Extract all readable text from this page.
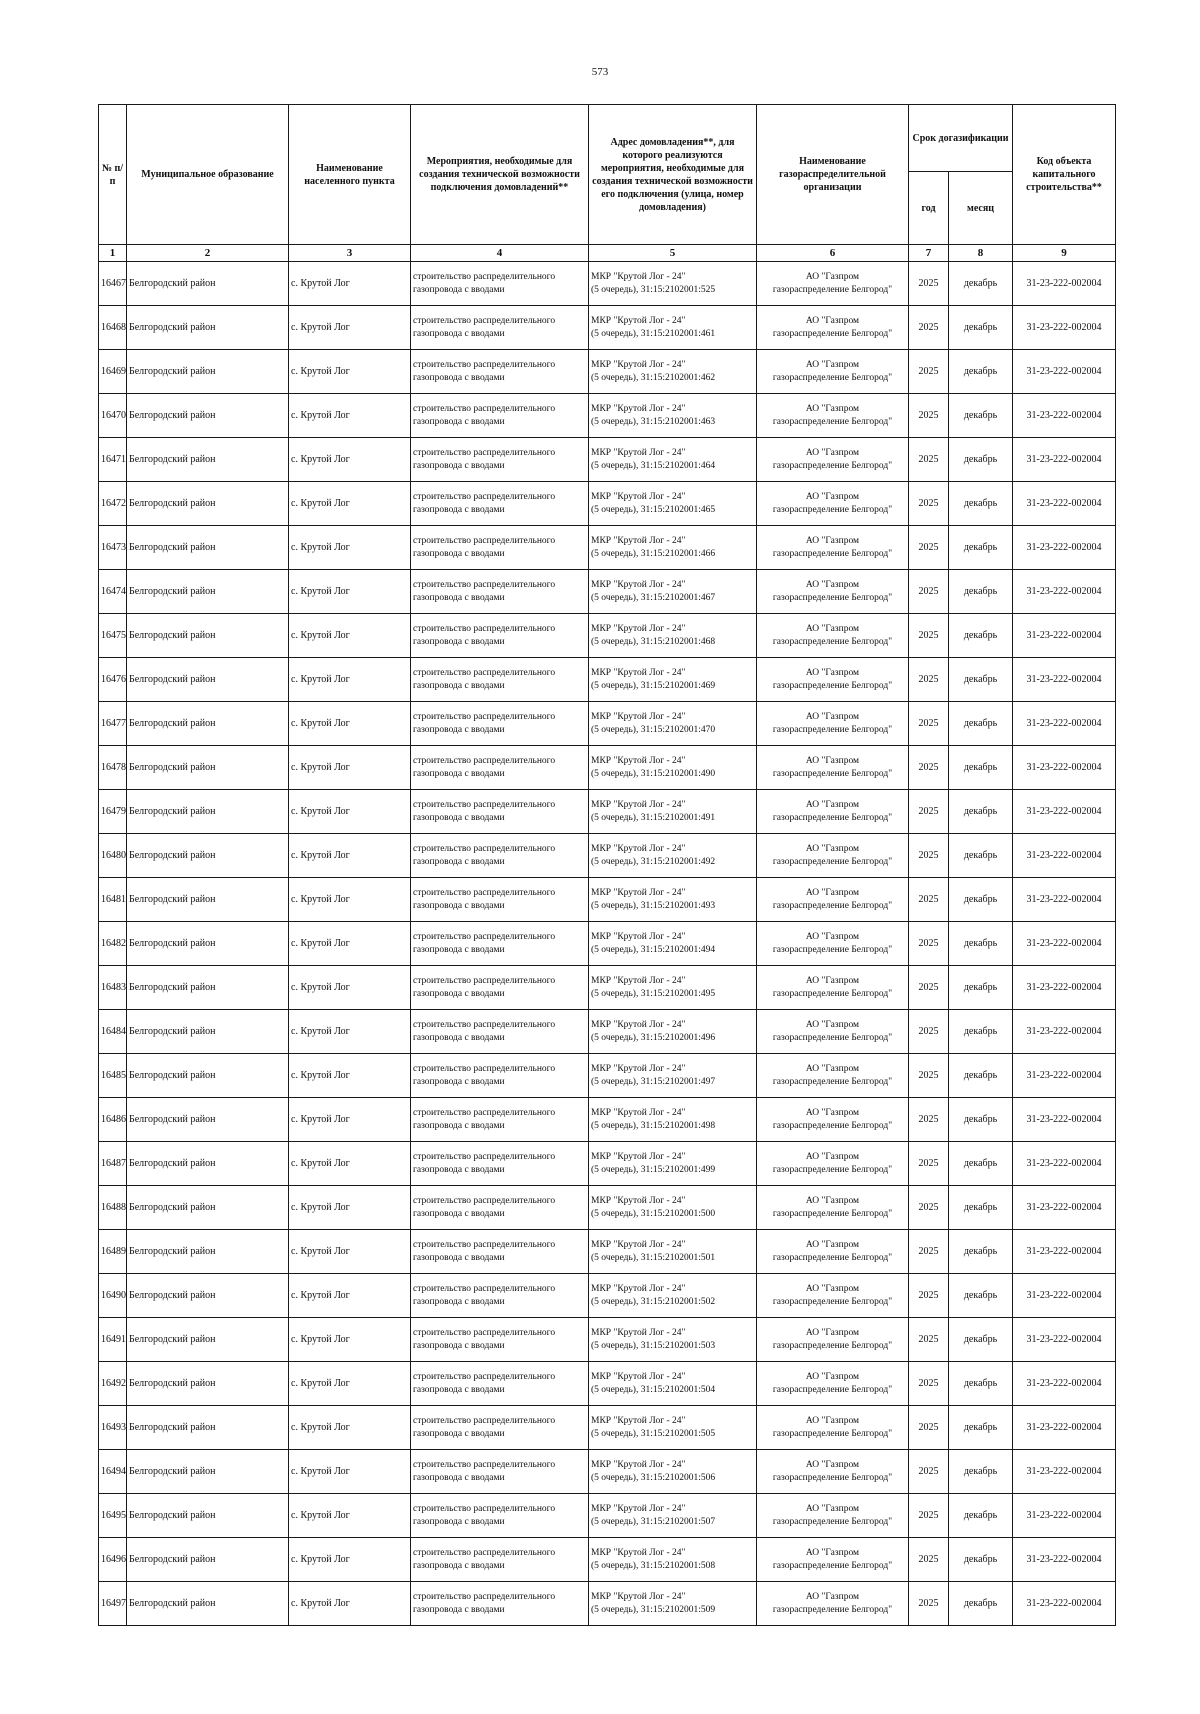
573
№ п/п	Муниципальное образование	Наименование населенного пункта	Мероприятия, необходимые для создания технической возможности подключения домовладений**	Адрес домовладения**, для которого реализуются мероприятия, необходимые для создания технической возможности его подключения (улица, номер домовладения)	Наименование газораспределительной организации	Срок догазификации		Код объекта капитального строительства**
						год	месяц	
1	2	3	4	5	6	7	8	9
16467	Белгородский район	с. Крутой Лог	строительство распределительного
газопровода с вводами	МКР "Крутой Лог - 24"
(5 очередь), 31:15:2102001:525	АО "Газпром
газораспределение Белгород"	2025	декабрь	31-23-222-002004
16468	Белгородский район	с. Крутой Лог	строительство распределительного
газопровода с вводами	МКР "Крутой Лог - 24"
(5 очередь), 31:15:2102001:461	АО "Газпром
газораспределение Белгород"	2025	декабрь	31-23-222-002004
16469	Белгородский район	с. Крутой Лог	строительство распределительного
газопровода с вводами	МКР "Крутой Лог - 24"
(5 очередь), 31:15:2102001:462	АО "Газпром
газораспределение Белгород"	2025	декабрь	31-23-222-002004
16470	Белгородский район	с. Крутой Лог	строительство распределительного
газопровода с вводами	МКР "Крутой Лог - 24"
(5 очередь), 31:15:2102001:463	АО "Газпром
газораспределение Белгород"	2025	декабрь	31-23-222-002004
16471	Белгородский район	с. Крутой Лог	строительство распределительного
газопровода с вводами	МКР "Крутой Лог - 24"
(5 очередь), 31:15:2102001:464	АО "Газпром
газораспределение Белгород"	2025	декабрь	31-23-222-002004
16472	Белгородский район	с. Крутой Лог	строительство распределительного
газопровода с вводами	МКР "Крутой Лог - 24"
(5 очередь), 31:15:2102001:465	АО "Газпром
газораспределение Белгород"	2025	декабрь	31-23-222-002004
16473	Белгородский район	с. Крутой Лог	строительство распределительного
газопровода с вводами	МКР "Крутой Лог - 24"
(5 очередь), 31:15:2102001:466	АО "Газпром
газораспределение Белгород"	2025	декабрь	31-23-222-002004
16474	Белгородский район	с. Крутой Лог	строительство распределительного
газопровода с вводами	МКР "Крутой Лог - 24"
(5 очередь), 31:15:2102001:467	АО "Газпром
газораспределение Белгород"	2025	декабрь	31-23-222-002004
16475	Белгородский район	с. Крутой Лог	строительство распределительного
газопровода с вводами	МКР "Крутой Лог - 24"
(5 очередь), 31:15:2102001:468	АО "Газпром
газораспределение Белгород"	2025	декабрь	31-23-222-002004
16476	Белгородский район	с. Крутой Лог	строительство распределительного
газопровода с вводами	МКР "Крутой Лог - 24"
(5 очередь), 31:15:2102001:469	АО "Газпром
газораспределение Белгород"	2025	декабрь	31-23-222-002004
16477	Белгородский район	с. Крутой Лог	строительство распределительного
газопровода с вводами	МКР "Крутой Лог - 24"
(5 очередь), 31:15:2102001:470	АО "Газпром
газораспределение Белгород"	2025	декабрь	31-23-222-002004
16478	Белгородский район	с. Крутой Лог	строительство распределительного
газопровода с вводами	МКР "Крутой Лог - 24"
(5 очередь), 31:15:2102001:490	АО "Газпром
газораспределение Белгород"	2025	декабрь	31-23-222-002004
16479	Белгородский район	с. Крутой Лог	строительство распределительного
газопровода с вводами	МКР "Крутой Лог - 24"
(5 очередь), 31:15:2102001:491	АО "Газпром
газораспределение Белгород"	2025	декабрь	31-23-222-002004
16480	Белгородский район	с. Крутой Лог	строительство распределительного
газопровода с вводами	МКР "Крутой Лог - 24"
(5 очередь), 31:15:2102001:492	АО "Газпром
газораспределение Белгород"	2025	декабрь	31-23-222-002004
16481	Белгородский район	с. Крутой Лог	строительство распределительного
газопровода с вводами	МКР "Крутой Лог - 24"
(5 очередь), 31:15:2102001:493	АО "Газпром
газораспределение Белгород"	2025	декабрь	31-23-222-002004
16482	Белгородский район	с. Крутой Лог	строительство распределительного
газопровода с вводами	МКР "Крутой Лог - 24"
(5 очередь), 31:15:2102001:494	АО "Газпром
газораспределение Белгород"	2025	декабрь	31-23-222-002004
16483	Белгородский район	с. Крутой Лог	строительство распределительного
газопровода с вводами	МКР "Крутой Лог - 24"
(5 очередь), 31:15:2102001:495	АО "Газпром
газораспределение Белгород"	2025	декабрь	31-23-222-002004
16484	Белгородский район	с. Крутой Лог	строительство распределительного
газопровода с вводами	МКР "Крутой Лог - 24"
(5 очередь), 31:15:2102001:496	АО "Газпром
газораспределение Белгород"	2025	декабрь	31-23-222-002004
16485	Белгородский район	с. Крутой Лог	строительство распределительного
газопровода с вводами	МКР "Крутой Лог - 24"
(5 очередь), 31:15:2102001:497	АО "Газпром
газораспределение Белгород"	2025	декабрь	31-23-222-002004
16486	Белгородский район	с. Крутой Лог	строительство распределительного
газопровода с вводами	МКР "Крутой Лог - 24"
(5 очередь), 31:15:2102001:498	АО "Газпром
газораспределение Белгород"	2025	декабрь	31-23-222-002004
16487	Белгородский район	с. Крутой Лог	строительство распределительного
газопровода с вводами	МКР "Крутой Лог - 24"
(5 очередь), 31:15:2102001:499	АО "Газпром
газораспределение Белгород"	2025	декабрь	31-23-222-002004
16488	Белгородский район	с. Крутой Лог	строительство распределительного
газопровода с вводами	МКР "Крутой Лог - 24"
(5 очередь), 31:15:2102001:500	АО "Газпром
газораспределение Белгород"	2025	декабрь	31-23-222-002004
16489	Белгородский район	с. Крутой Лог	строительство распределительного
газопровода с вводами	МКР "Крутой Лог - 24"
(5 очередь), 31:15:2102001:501	АО "Газпром
газораспределение Белгород"	2025	декабрь	31-23-222-002004
16490	Белгородский район	с. Крутой Лог	строительство распределительного
газопровода с вводами	МКР "Крутой Лог - 24"
(5 очередь), 31:15:2102001:502	АО "Газпром
газораспределение Белгород"	2025	декабрь	31-23-222-002004
16491	Белгородский район	с. Крутой Лог	строительство распределительного
газопровода с вводами	МКР "Крутой Лог - 24"
(5 очередь), 31:15:2102001:503	АО "Газпром
газораспределение Белгород"	2025	декабрь	31-23-222-002004
16492	Белгородский район	с. Крутой Лог	строительство распределительного
газопровода с вводами	МКР "Крутой Лог - 24"
(5 очередь), 31:15:2102001:504	АО "Газпром
газораспределение Белгород"	2025	декабрь	31-23-222-002004
16493	Белгородский район	с. Крутой Лог	строительство распределительного
газопровода с вводами	МКР "Крутой Лог - 24"
(5 очередь), 31:15:2102001:505	АО "Газпром
газораспределение Белгород"	2025	декабрь	31-23-222-002004
16494	Белгородский район	с. Крутой Лог	строительство распределительного
газопровода с вводами	МКР "Крутой Лог - 24"
(5 очередь), 31:15:2102001:506	АО "Газпром
газораспределение Белгород"	2025	декабрь	31-23-222-002004
16495	Белгородский район	с. Крутой Лог	строительство распределительного
газопровода с вводами	МКР "Крутой Лог - 24"
(5 очередь), 31:15:2102001:507	АО "Газпром
газораспределение Белгород"	2025	декабрь	31-23-222-002004
16496	Белгородский район	с. Крутой Лог	строительство распределительного
газопровода с вводами	МКР "Крутой Лог - 24"
(5 очередь), 31:15:2102001:508	АО "Газпром
газораспределение Белгород"	2025	декабрь	31-23-222-002004
16497	Белгородский район	с. Крутой Лог	строительство распределительного
газопровода с вводами	МКР "Крутой Лог - 24"
(5 очередь), 31:15:2102001:509	АО "Газпром
газораспределение Белгород"	2025	декабрь	31-23-222-002004
